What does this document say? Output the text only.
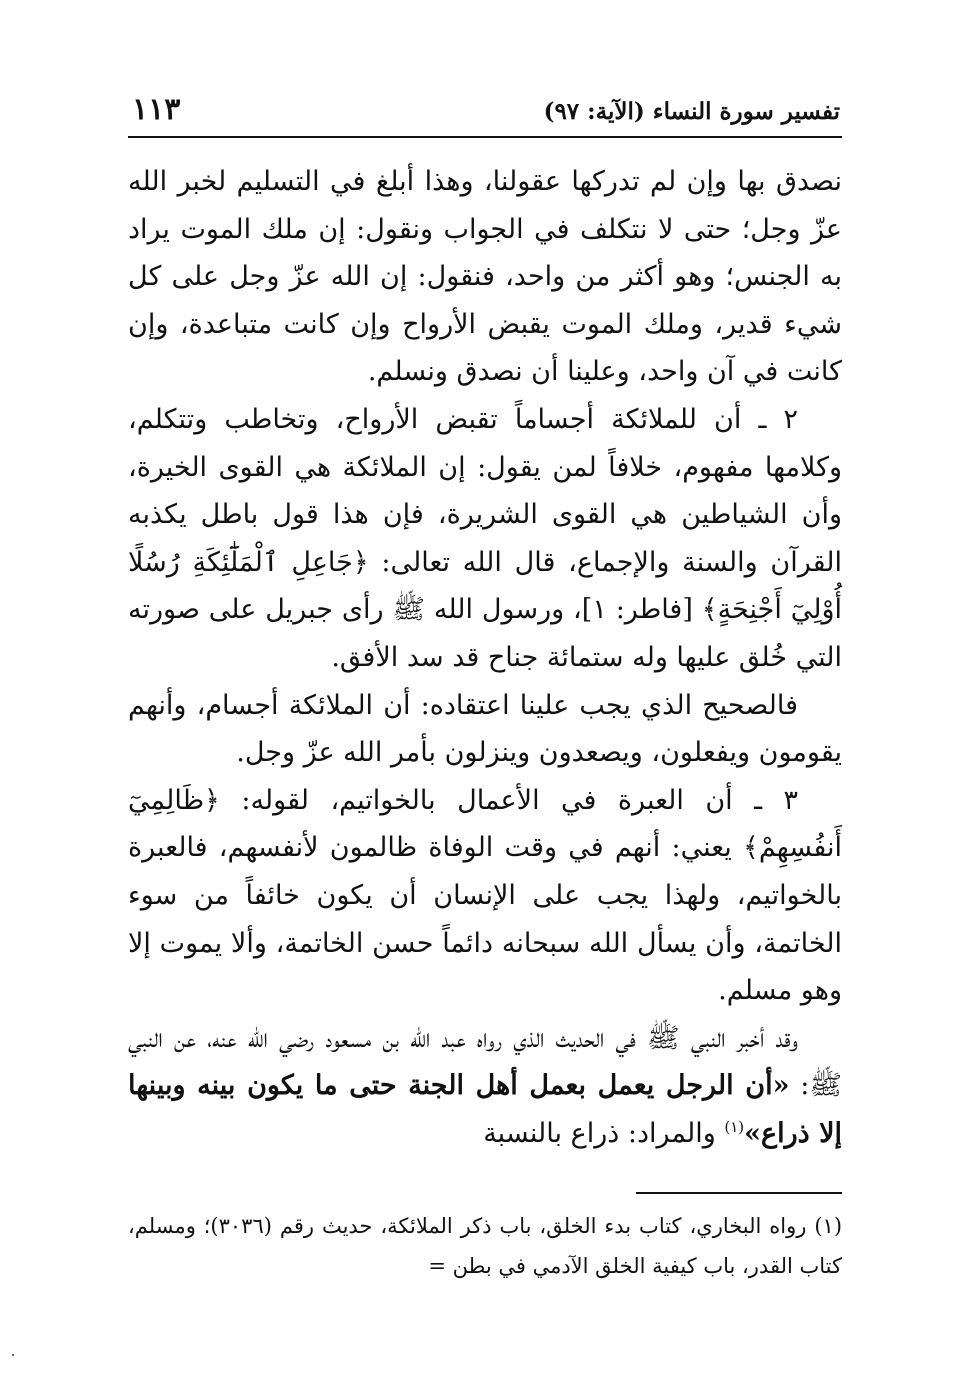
تفسير سورة النساء (الآية: ٩٧)
١١٣

نصدق بها وإن لم تدركها عقولنا، وهذا أبلغ في التسليم لخبر الله عزّ وجل؛ حتى لا نتكلف في الجواب ونقول: إن ملك الموت يراد به الجنس؛ وهو أكثر من واحد، فنقول: إن الله عزّ وجل على كل شيء قدير، وملك الموت يقبض الأرواح وإن كانت متباعدة، وإن كانت في آن واحد، وعلينا أن نصدق ونسلم.

٢ ـ أن للملائكة أجساماً تقبض الأرواح، وتخاطب وتتكلم، وكلامها مفهوم، خلافاً لمن يقول: إن الملائكة هي القوى الخيرة، وأن الشياطين هي القوى الشريرة، فإن هذا قول باطل يكذبه القرآن والسنة والإجماع، قال الله تعالى: ﴿جَاعِلِ ٱلْمَلَٰٓئِكَةِ رُسُلًا أُوْلِيٓ أَجْنِحَةٍ﴾ [فاطر: ١]، ورسول الله ﷺ رأى جبريل على صورته التي خُلق عليها وله ستمائة جناح قد سد الأفق.

فالصحيح الذي يجب علينا اعتقاده: أن الملائكة أجسام، وأنهم يقومون ويفعلون، ويصعدون وينزلون بأمر الله عزّ وجل.

٣ ـ أن العبرة في الأعمال بالخواتيم، لقوله: ﴿ظَالِمِيٓ أَنفُسِهِمْ﴾ يعني: أنهم في وقت الوفاة ظالمون لأنفسهم، فالعبرة بالخواتيم، ولهذا يجب على الإنسان أن يكون خائفاً من سوء الخاتمة، وأن يسأل الله سبحانه دائماً حسن الخاتمة، وألا يموت إلا وهو مسلم.

وقد أخبر النبي ﷺ في الحديث الذي رواه عبد الله بن مسعود رضي الله عنه، عن النبي ﷺ: «أن الرجل يعمل بعمل أهل الجنة حتى ما يكون بينه وبينها إلا ذراع»$^{(١)}$ والمراد: ذراع بالنسبة

(١) رواه البخاري، كتاب بدء الخلق، باب ذكر الملائكة، حديث رقم (٣٠٣٦)؛ ومسلم، كتاب القدر، باب كيفية الخلق الآدمي في بطن =
